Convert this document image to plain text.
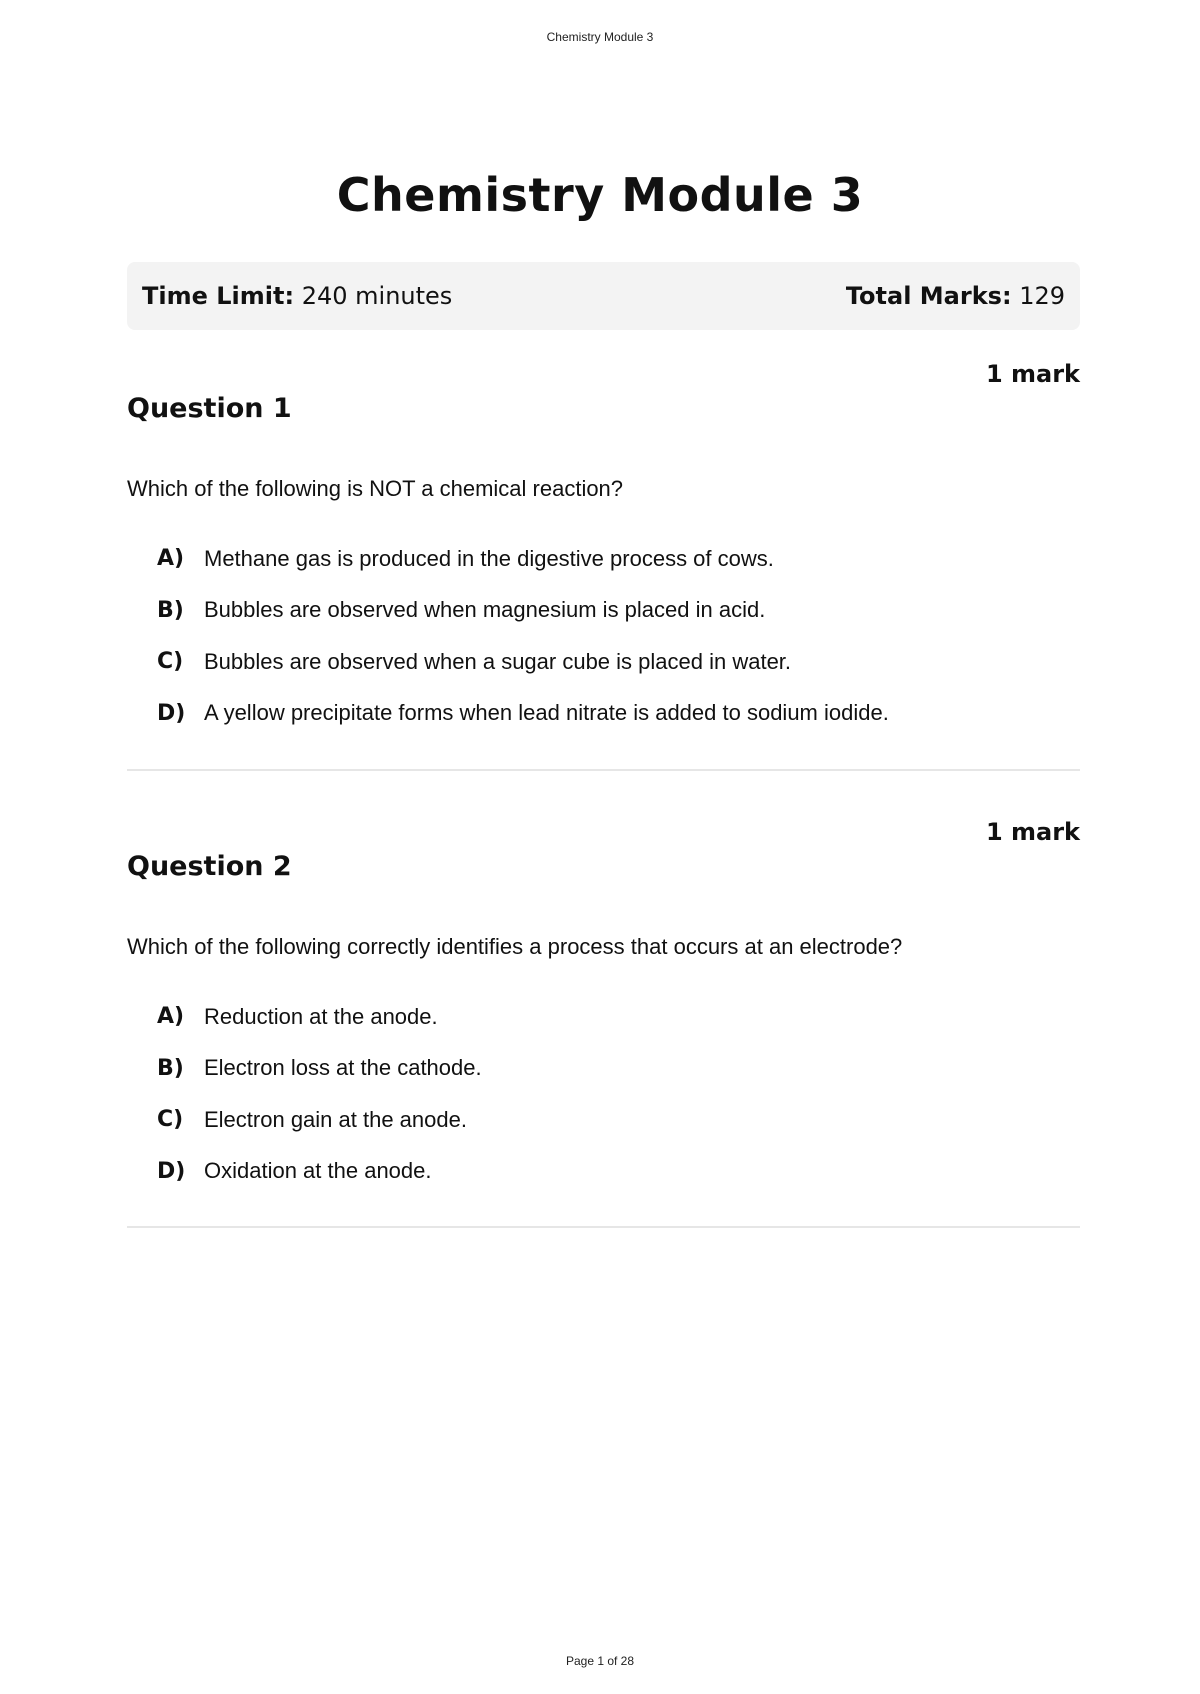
Chemistry Module 3
Chemistry Module 3
Time Limit: 240 minutes	Total Marks: 129
1 mark
Question 1

Which of the following is NOT a chemical reaction?

A) Methane gas is produced in the digestive process of cows.
B) Bubbles are observed when magnesium is placed in acid.
C) Bubbles are observed when a sugar cube is placed in water.
D) A yellow precipitate forms when lead nitrate is added to sodium iodide.
1 mark
Question 2

Which of the following correctly identifies a process that occurs at an electrode?

A) Reduction at the anode.
B) Electron loss at the cathode.
C) Electron gain at the anode.
D) Oxidation at the anode.
Page 1 of 28
